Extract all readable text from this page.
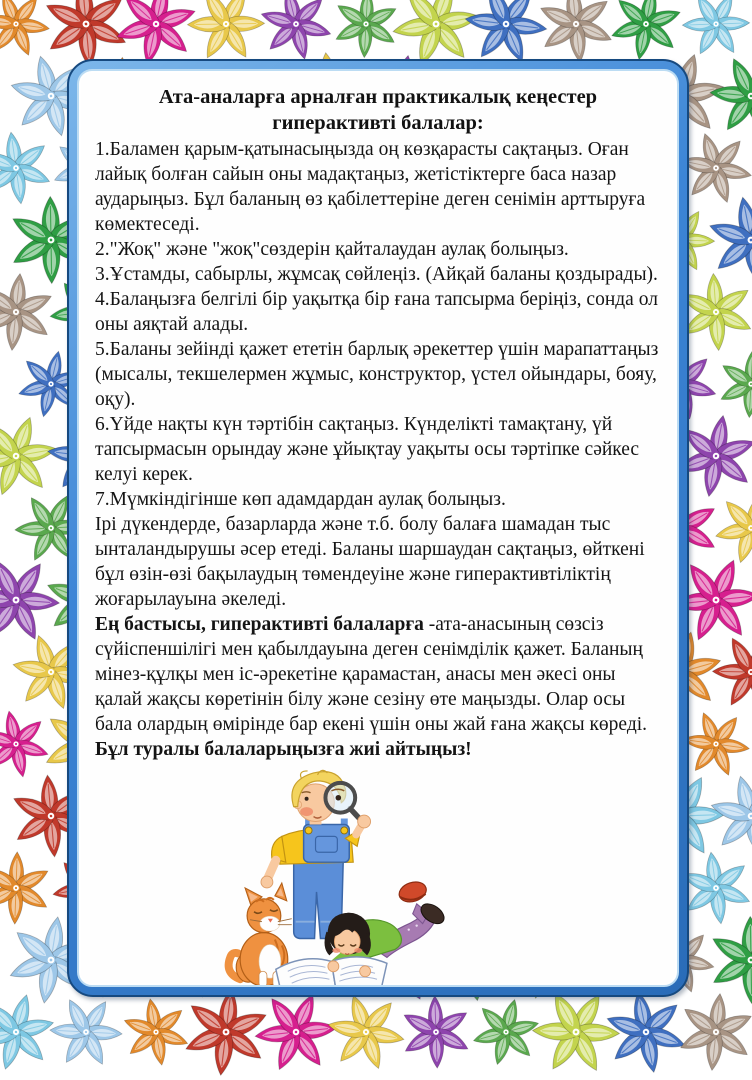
Ата-аналарға арналған практикалық кеңестер
гиперактивті балалар:

1.Баламен қарым-қатынасыңызда оң көзқарасты сақтаңыз. Оған лайық болған сайын оны мадақтаңыз, жетістіктерге баса назар аударыңыз. Бұл баланың өз қабілеттеріне деген сенімін арттыруға көмектеседі.

2."Жоқ" және "жоқ"сөздерін қайталаудан аулақ болыңыз.

3.Ұстамды, сабырлы, жұмсақ сөйлеңіз. (Айқай баланы қоздырады).

4.Балаңызға белгілі бір уақытқа бір ғана тапсырма беріңіз, сонда ол оны аяқтай алады.

5.Баланы зейінді қажет ететін барлық әрекеттер үшін марапаттаңыз (мысалы, текшелермен жұмыс, конструктор, үстел ойындары, бояу, оқу).

6.Үйде нақты күн тәртібін сақтаңыз. Күнделікті тамақтану, үй тапсырмасын орындау және ұйықтау уақыты осы тәртіпке сәйкес келуі керек.

7.Мүмкіндігінше көп адамдардан аулақ болыңыз.

Ірі дүкендерде, базарларда және т.б. болу балаға шамадан тыс ынталандырушы әсер етеді. Баланы шаршаудан сақтаңыз, өйткені бұл өзін-өзі бақылаудың төмендеуіне және гиперактивтіліктің жоғарылауына әкеледі.

Ең бастысы, гиперактивті балаларға -ата-анасының сөзсіз сүйіспеншілігі мен қабылдауына деген сенімділік қажет. Баланың мінез-құлқы мен іс-әрекетіне қарамастан, анасы мен әкесі оны қалай жақсы көретінін білу және сезіну өте маңызды. Олар осы бала олардың өмірінде бар екені үшін оны жай ғана жақсы көреді.

Бұл туралы балаларыңызға жиі айтыңыз!
